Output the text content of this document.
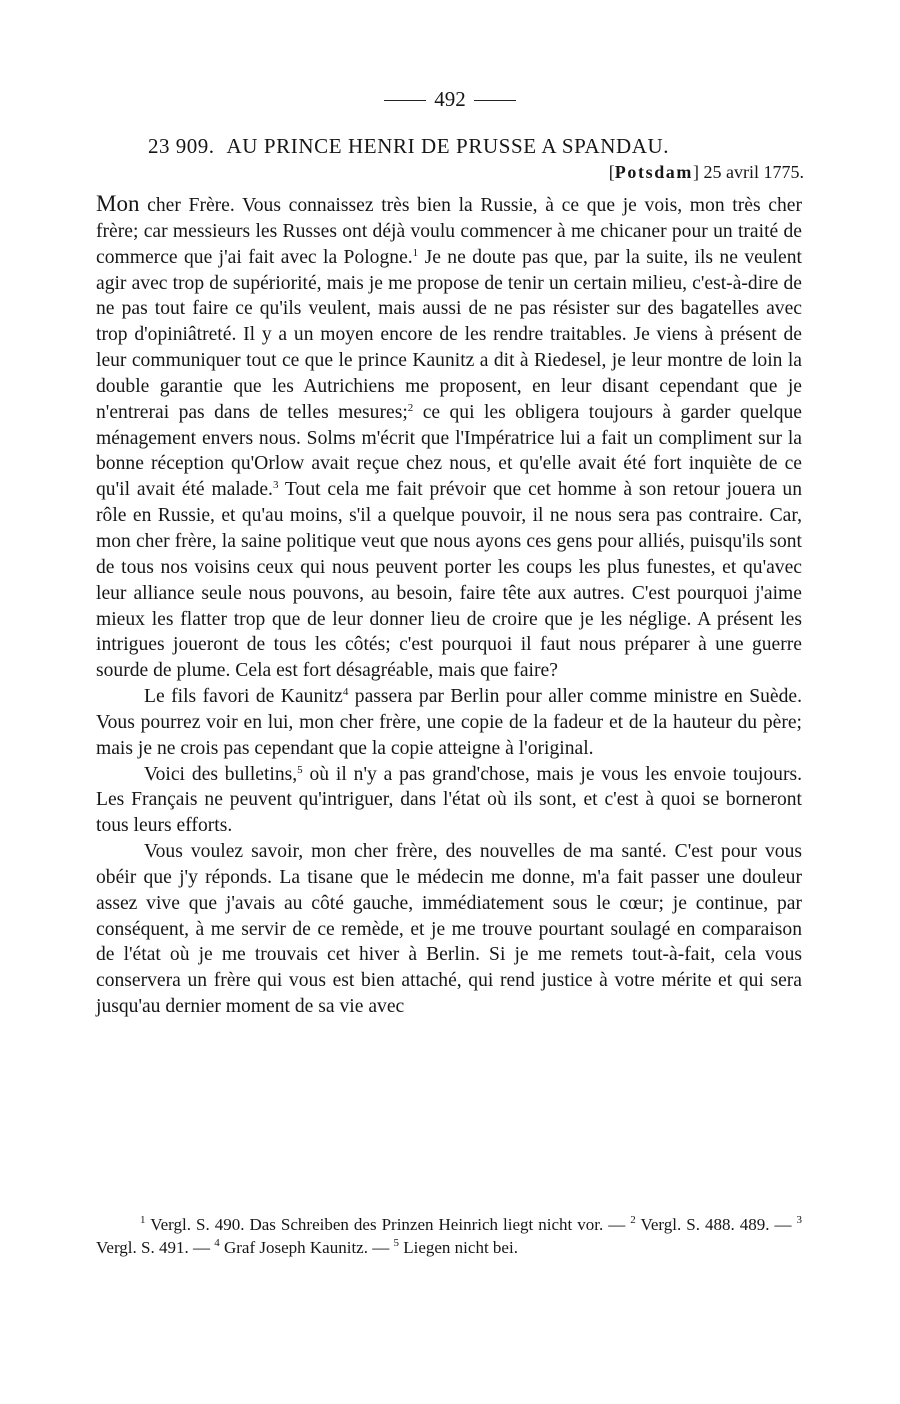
492
23 909. AU PRINCE HENRI DE PRUSSE A SPANDAU.
[Potsdam] 25 avril 1775.

Mon cher Frère. Vous connaissez très bien la Russie, à ce que je vois, mon très cher frère; car messieurs les Russes ont déjà voulu commencer à me chicaner pour un traité de commerce que j'ai fait avec la Pologne.$^1$ Je ne doute pas que, par la suite, ils ne veulent agir avec trop de supériorité, mais je me propose de tenir un certain milieu, c'est-à-dire de ne pas tout faire ce qu'ils veulent, mais aussi de ne pas résister sur des bagatelles avec trop d'opiniâtreté. Il y a un moyen encore de les rendre traitables. Je viens à présent de leur communiquer tout ce que le prince Kaunitz a dit à Riedesel, je leur montre de loin la double garantie que les Autrichiens me proposent, en leur disant cependant que je n'entrerai pas dans de telles mesures;$^2$ ce qui les obligera toujours à garder quelque ménagement envers nous. Solms m'écrit que l'Impératrice lui a fait un compliment sur la bonne réception qu'Orlow avait reçue chez nous, et qu'elle avait été fort inquiète de ce qu'il avait été malade.$^3$ Tout cela me fait prévoir que cet homme à son retour jouera un rôle en Russie, et qu'au moins, s'il a quelque pouvoir, il ne nous sera pas contraire. Car, mon cher frère, la saine politique veut que nous ayons ces gens pour alliés, puisqu'ils sont de tous nos voisins ceux qui nous peuvent porter les coups les plus funestes, et qu'avec leur alliance seule nous pouvons, au besoin, faire tête aux autres. C'est pourquoi j'aime mieux les flatter trop que de leur donner lieu de croire que je les néglige. A présent les intrigues joueront de tous les côtés; c'est pourquoi il faut nous préparer à une guerre sourde de plume. Cela est fort désagréable, mais que faire?

Le fils favori de Kaunitz$^4$ passera par Berlin pour aller comme ministre en Suède. Vous pourrez voir en lui, mon cher frère, une copie de la fadeur et de la hauteur du père; mais je ne crois pas cependant que la copie atteigne à l'original.

Voici des bulletins,$^5$ où il n'y a pas grand'chose, mais je vous les envoie toujours. Les Français ne peuvent qu'intriguer, dans l'état où ils sont, et c'est à quoi se borneront tous leurs efforts.

Vous voulez savoir, mon cher frère, des nouvelles de ma santé. C'est pour vous obéir que j'y réponds. La tisane que le médecin me donne, m'a fait passer une douleur assez vive que j'avais au côté gauche, immédiatement sous le cœur; je continue, par conséquent, à me servir de ce remède, et je me trouve pourtant soulagé en comparaison de l'état où je me trouvais cet hiver à Berlin. Si je me remets tout-à-fait, cela vous conservera un frère qui vous est bien attaché, qui rend justice à votre mérite et qui sera jusqu'au dernier moment de sa vie avec

$^1$ Vergl. S. 490. Das Schreiben des Prinzen Heinrich liegt nicht vor. — $^2$ Vergl. S. 488. 489. — $^3$ Vergl. S. 491. — $^4$ Graf Joseph Kaunitz. — $^5$ Liegen nicht bei.
